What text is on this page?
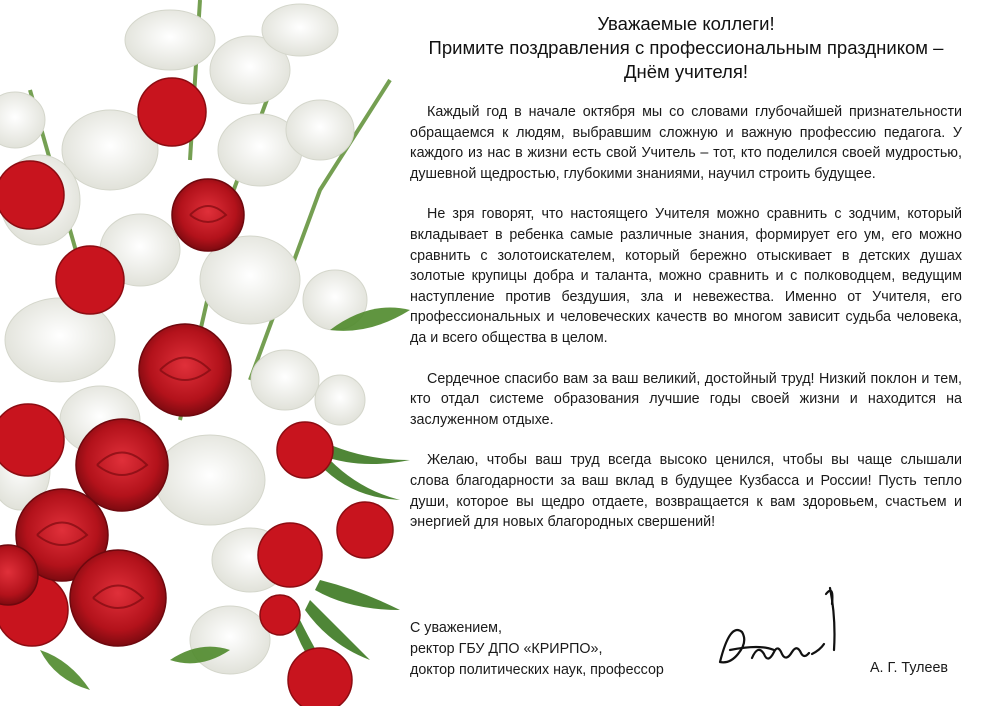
Уважаемые коллеги!
Примите поздравления с профессиональным праздником –
Днём учителя!

Каждый год в начале октября мы со словами глубочайшей признательности обращаемся к людям, выбравшим сложную и важную профессию педагога. У каждого из нас в жизни есть свой Учитель – тот, кто поделился своей мудростью, душевной щедростью, глубокими знаниями, научил строить будущее.

Не зря говорят, что настоящего Учителя можно сравнить с зодчим, который вкладывает в ребенка самые различные знания, формирует его ум, его можно сравнить с золотоискателем, который бережно отыскивает в детских душах золотые крупицы добра и таланта, можно сравнить и с полководцем, ведущим наступление против бездушия, зла и невежества. Именно от Учителя, его профессиональных и человеческих качеств во многом зависит судьба человека, да и всего общества в целом.

Сердечное спасибо вам за ваш великий, достойный труд! Низкий поклон и тем, кто отдал системе образования лучшие годы своей жизни и находится на заслуженном отдыхе.

Желаю, чтобы ваш труд всегда высоко ценился, чтобы вы чаще слышали слова благодарности за ваш вклад в будущее Кузбасса и России! Пусть тепло души, которое вы щедро отдаете, возвращается к вам здоровьем, счастьем и энергией для новых благородных свершений!

С уважением,
ректор ГБУ ДПО «КРИРПО»,
доктор политических наук, профессор	А. Г. Тулеев
